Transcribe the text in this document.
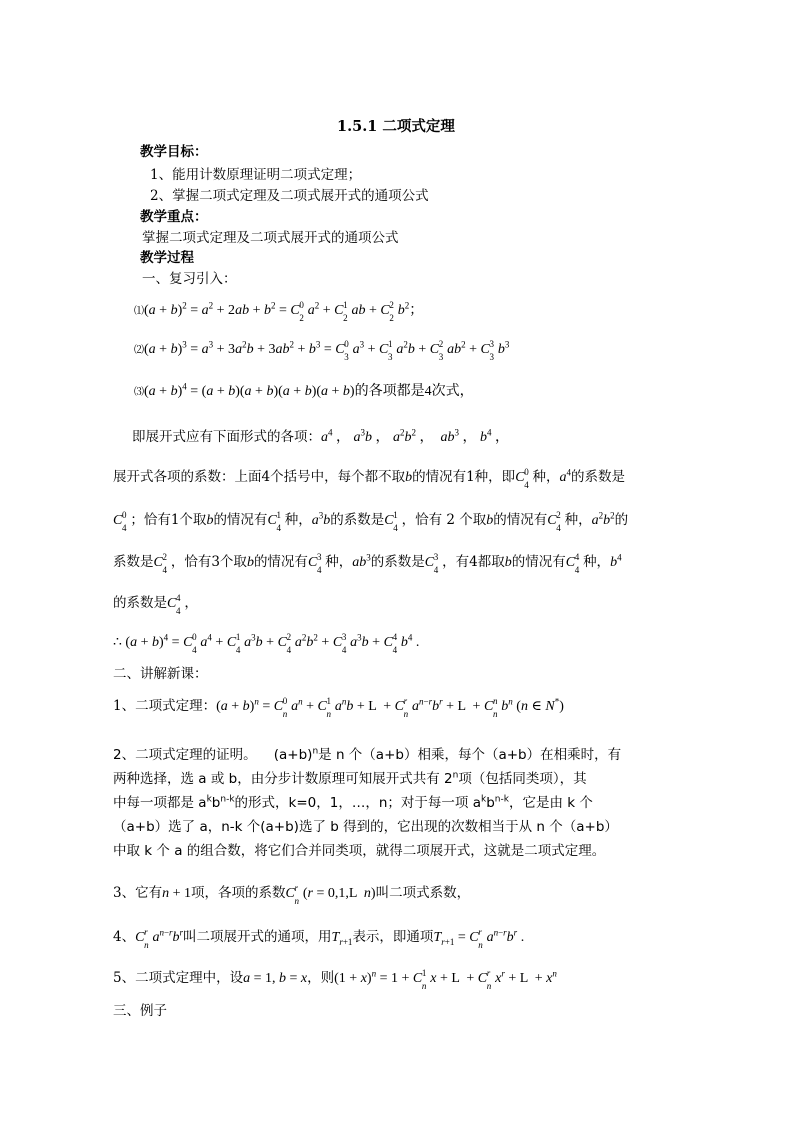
1.5.1 二项式定理
教学目标：
1、能用计数原理证明二项式定理；
2、掌握二项式定理及二项式展开式的通项公式
教学重点：
掌握二项式定理及二项式展开式的通项公式
教学过程
一、复习引入：
⑴(a + $b)^2 = a^2 + 2ab + b^2 = C$ 0
2 $a^2 + C$ 1
2 ab + C 2
2 $b^2$；
⑵(a + $b)^3 = a^3 + 3a^2b + 3ab^2 + b^3 = C$ 0
3 $a^3 + C$ 1
3 $a^2b + C$ 2
3 $ab^2 + C$ 3
3 $b^3$
⑶(a + b)$^4$ = (a + b)(a + b)(a + b)(a + b)的各项都是4次式，
即展开式应有下面形式的各项：$a^4$ ， $a^3b$ ， $a^2b^2$ ，  $ab^3$ ， $b^4$ ，
展开式各项的系数：上面4个括号中，每个都不取b的情况有1种，即C 0
4 种，$a^4$的系数是
C 0
4 ；恰有1个取b的情况有C 1
4 种，$a^3b$的系数是C 1
4 ，恰有 2 个取b的情况有C 2
4 种，$a^2b^2$的
系数是C 2
4 ，恰有3个取b的情况有C 3
4 种，$ab^3$的系数是C 3
4 ，有4都取b的情况有C 4
4 种，$b^4$
的系数是C 4
4 ，
∴ $(a + b)^4 = C$ 0
4 $a^4 + C$ 1
4 $a^3b + C$ 2
4 $a^2b^2 + C$ 3
4 $a^3b + C$ 4
4 $b^4$ .
二、讲解新课：
1、二项式定理：$(a + b)^n = C$ 0
n $a^n + C$ 1
n $a^nb + L + C$ r
n $a^{n-r}b^r + L + C$ n
n $b^n$ (n ∈ N*)
2、二项式定理的证明。 $(a+b)^n$是 n 个（a+b）相乘，每个（a+b）在相乘时，有
两种选择，选 a 或 b，由分步计数原理可知展开式共有 2$^n$项（包括同类项），其
中每一项都是 $a^kb^{n-k}$的形式，k=0，1，…，n；对于每一项 $a^kb^{n-k}$，它是由 k 个
（a+b）选了 a，n-k 个(a+b)选了 b 得到的，它出现的次数相当于从 n 个（a+b）
中取 k 个 a 的组合数，将它们合并同类项，就得二项展开式，这就是二项式定理。
3、它有n + 1项，各项的系数C r
n (r = 0,1,L  n)叫二项式系数，
4、C r
n $a^{n-r}b^r$叫二项展开式的通项，用$T_{r+1}$表示，即通项$T_{r+1} = C$ r
n $a^{n-r}b^r$ .
5、二项式定理中，设a = 1, b = x，则$(1 + x)^n = 1 + C$ 1
n x + L  + C r
n $x^r + L + x^n$
三、例子
